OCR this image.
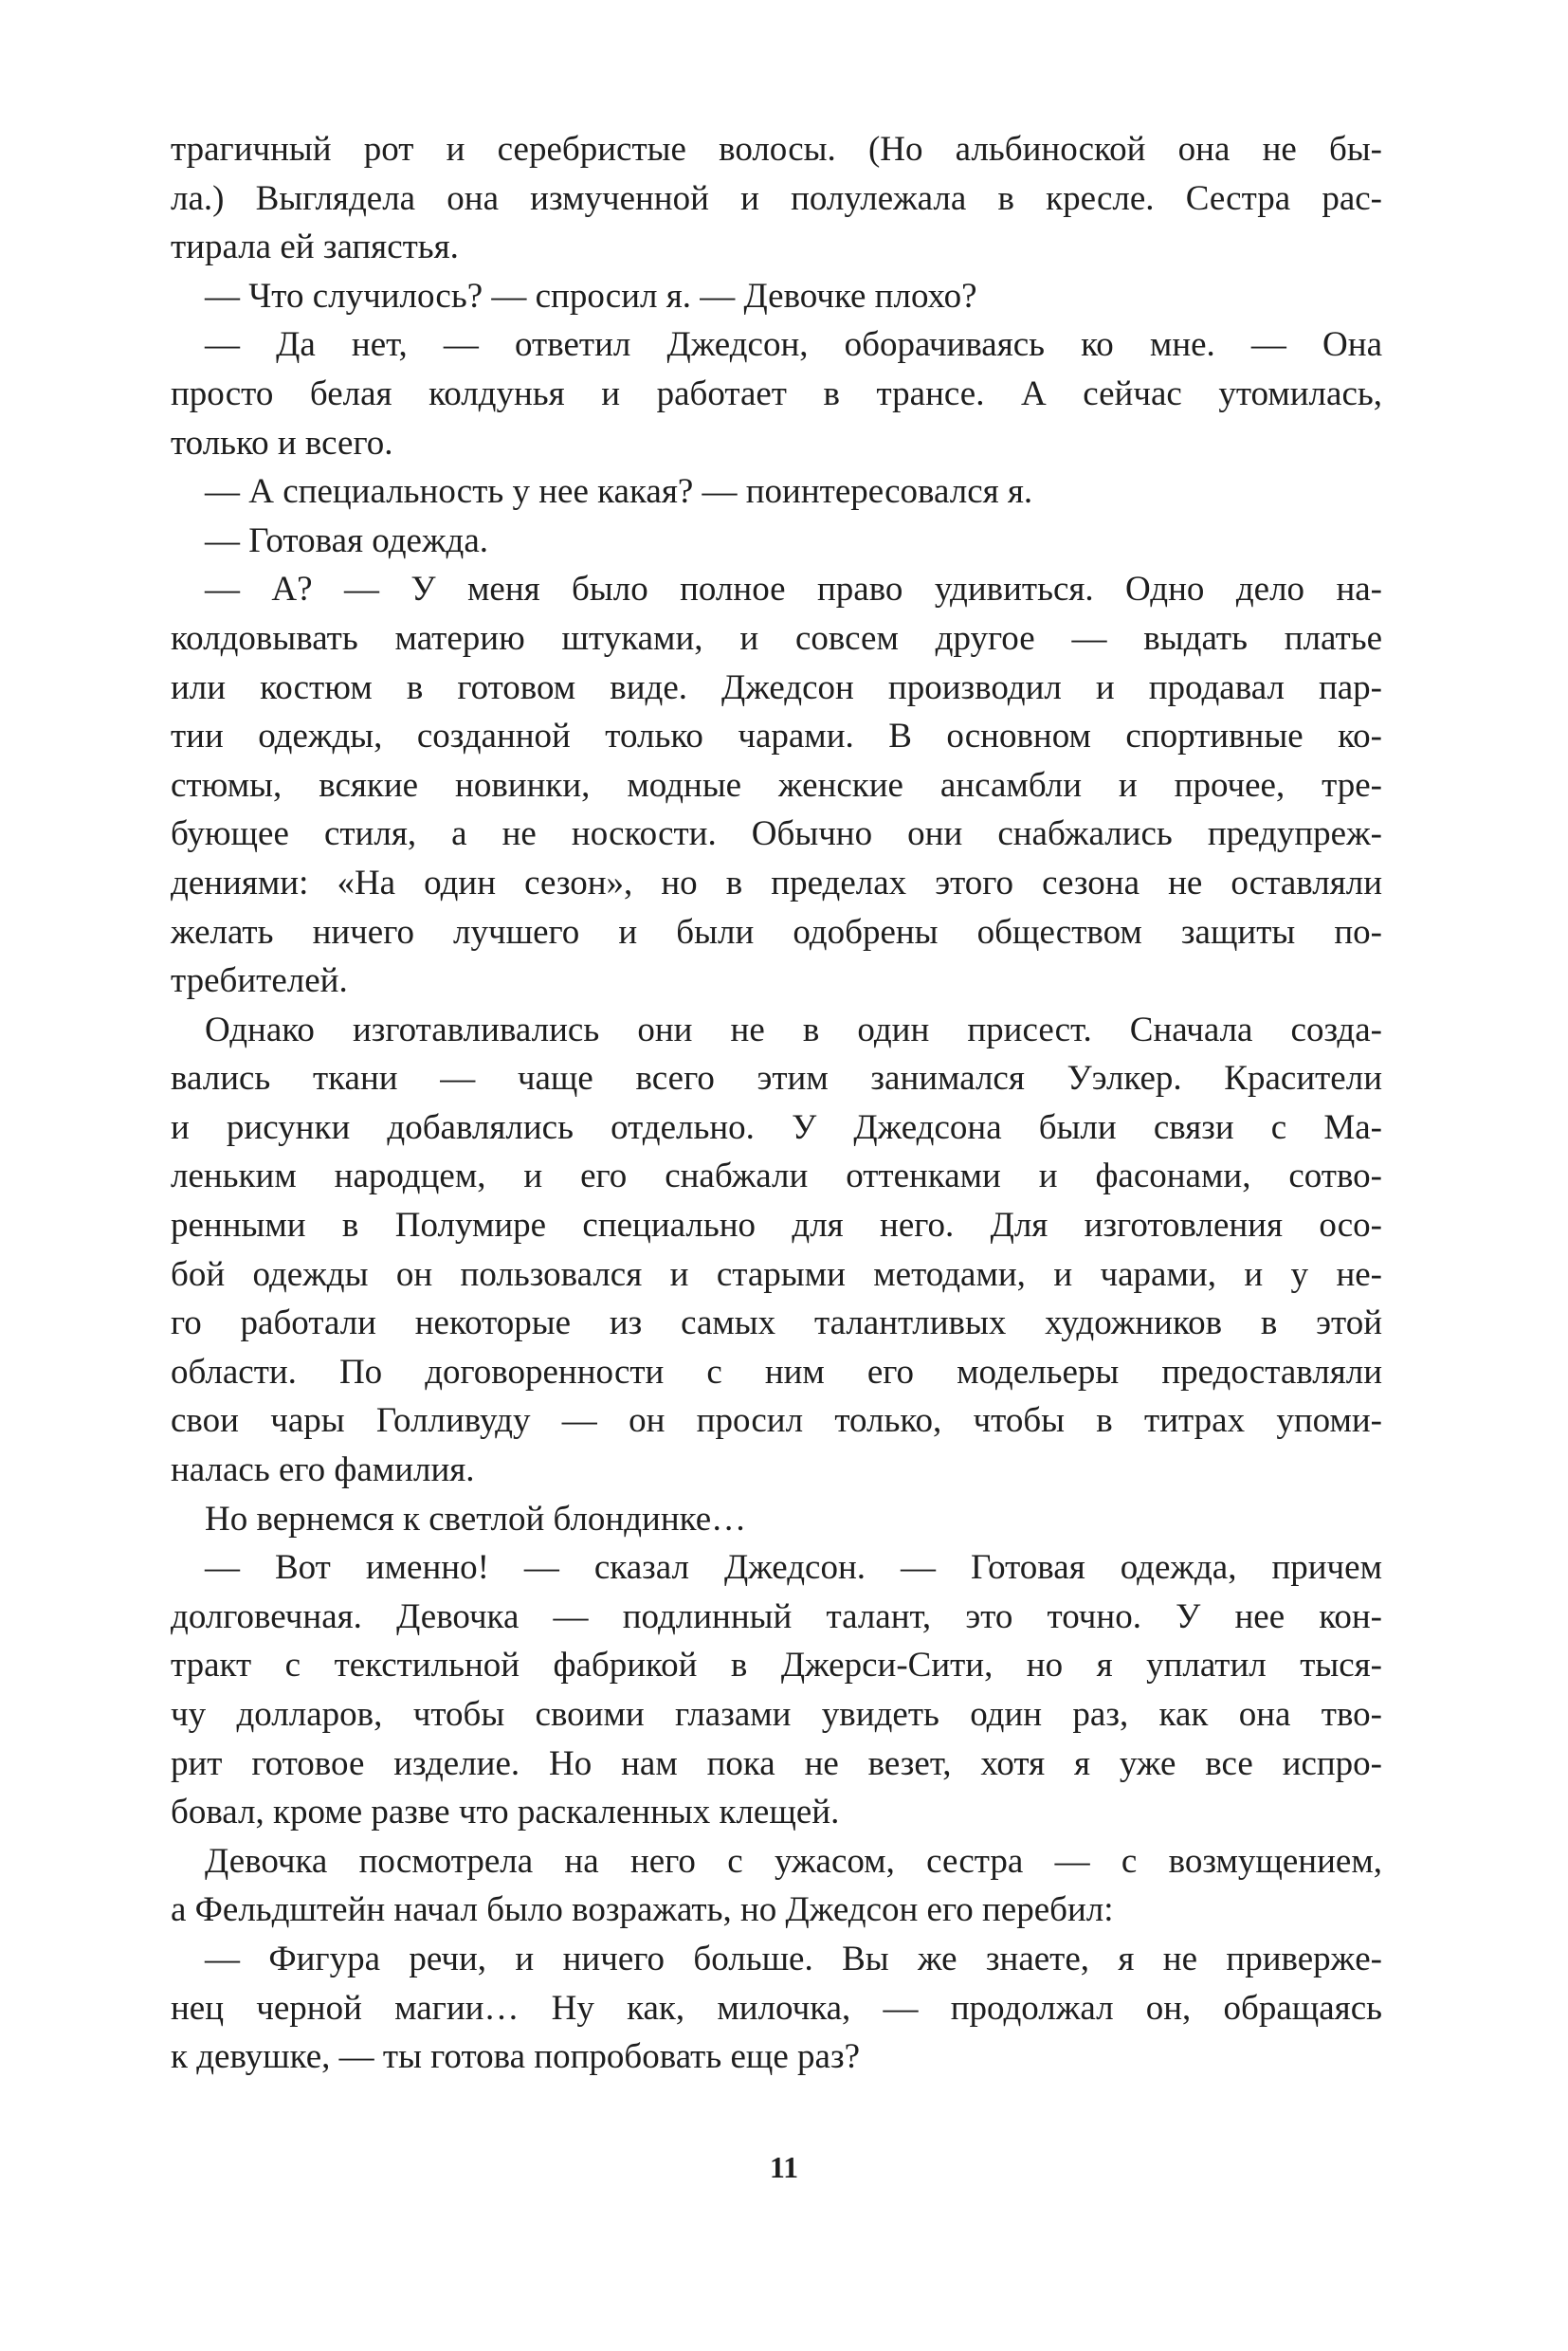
трагичный рот и серебристые волосы. (Но альбиноской она не бы-
ла.) Выглядела она измученной и полулежала в кресле. Сестра рас-
тирала ей запястья.
— Что случилось? — спросил я. — Девочке плохо?
— Да нет, — ответил Джедсон, оборачиваясь ко мне. — Она
просто белая колдунья и работает в трансе. А сейчас утомилась,
только и всего.
— А специальность у нее какая? — поинтересовался я.
— Готовая одежда.
— А? — У меня было полное право удивиться. Одно дело на-
колдовывать материю штуками, и совсем другое — выдать платье
или костюм в готовом виде. Джедсон производил и продавал пар-
тии одежды, созданной только чарами. В основном спортивные ко-
стюмы, всякие новинки, модные женские ансамбли и прочее, тре-
бующее стиля, а не носкости. Обычно они снабжались предупреж-
дениями: «На один сезон», но в пределах этого сезона не оставляли
желать ничего лучшего и были одобрены обществом защиты по-
требителей.
Однако изготавливались они не в один присест. Сначала созда-
вались ткани — чаще всего этим занимался Уэлкер. Красители
и рисунки добавлялись отдельно. У Джедсона были связи с Ма-
леньким народцем, и его снабжали оттенками и фасонами, сотво-
ренными в Полумире специально для него. Для изготовления осо-
бой одежды он пользовался и старыми методами, и чарами, и у не-
го работали некоторые из самых талантливых художников в этой
области. По договоренности с ним его модельеры предоставляли
свои чары Голливуду — он просил только, чтобы в титрах упоми-
налась его фамилия.
Но вернемся к светлой блондинке…
— Вот именно! — сказал Джедсон. — Готовая одежда, причем
долговечная. Девочка — подлинный талант, это точно. У нее кон-
тракт с текстильной фабрикой в Джерси-Сити, но я уплатил тыся-
чу долларов, чтобы своими глазами увидеть один раз, как она тво-
рит готовое изделие. Но нам пока не везет, хотя я уже все испро-
бовал, кроме разве что раскаленных клещей.
Девочка посмотрела на него с ужасом, сестра — с возмущением,
а Фельдштейн начал было возражать, но Джедсон его перебил:
— Фигура речи, и ничего больше. Вы же знаете, я не привержe-
нец черной магии… Ну как, милочка, — продолжал он, обращаясь
к девушке, — ты готова попробовать еще раз?
11
